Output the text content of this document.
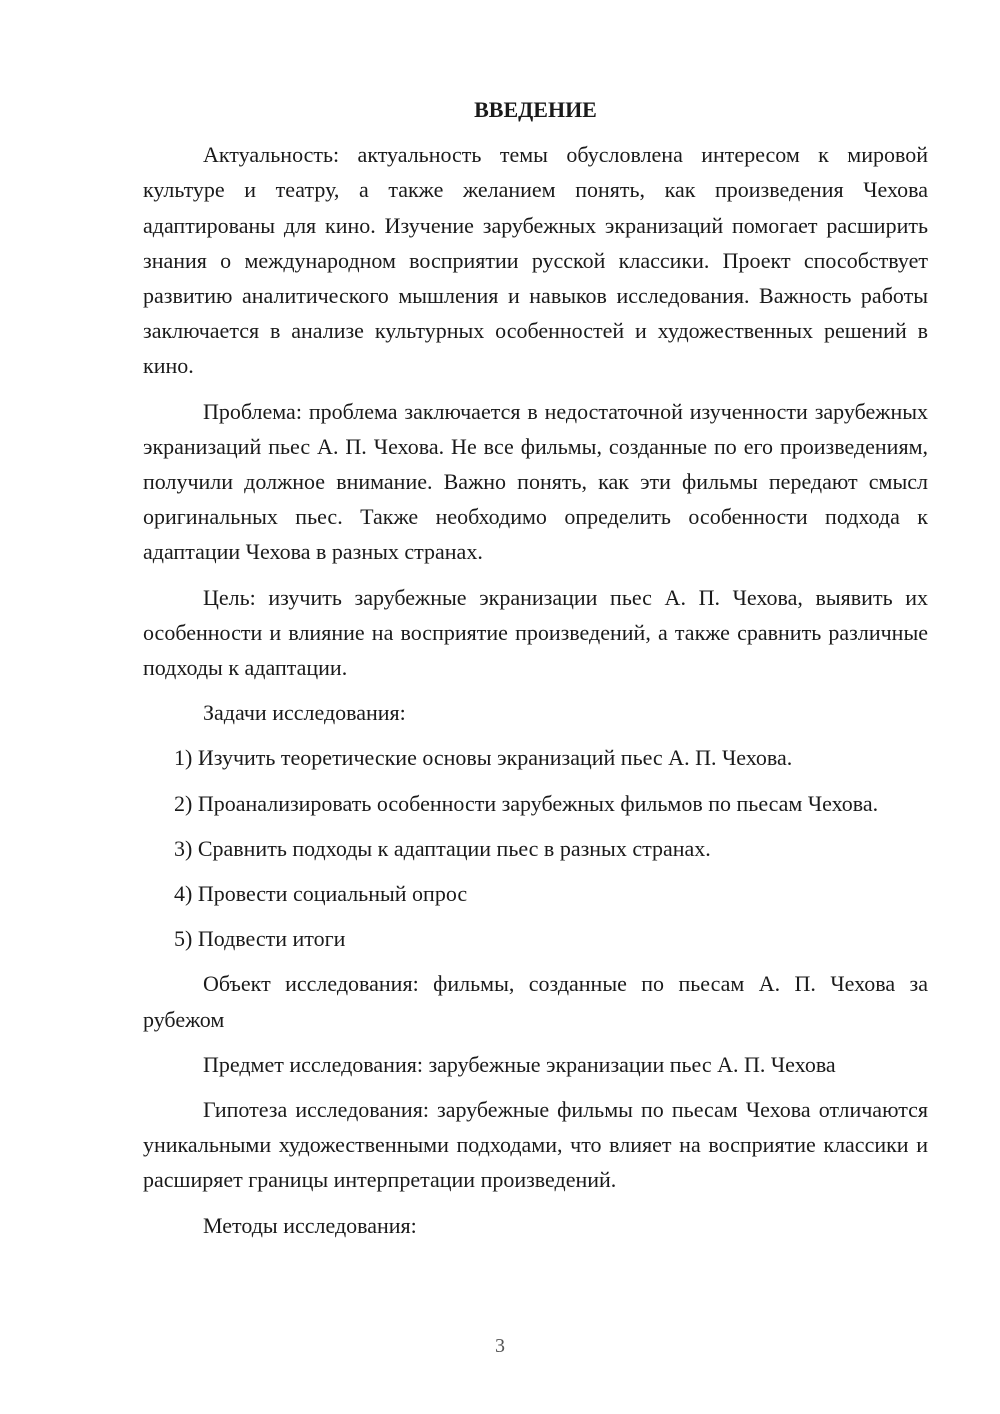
ВВЕДЕНИЕ

Актуальность: актуальность темы обусловлена интересом к мировой культуре и театру, а также желанием понять, как произведения Чехова адаптированы для кино. Изучение зарубежных экранизаций помогает расширить знания о международном восприятии русской классики. Проект способствует развитию аналитического мышления и навыков исследования. Важность работы заключается в анализе культурных особенностей и художественных решений в кино.

Проблема: проблема заключается в недостаточной изученности зарубежных экранизаций пьес А. П. Чехова. Не все фильмы, созданные по его произведениям, получили должное внимание. Важно понять, как эти фильмы передают смысл оригинальных пьес. Также необходимо определить особенности подхода к адаптации Чехова в разных странах.

Цель: изучить зарубежные экранизации пьес А. П. Чехова, выявить их особенности и влияние на восприятие произведений, а также сравнить различные подходы к адаптации.

Задачи исследования:

1) Изучить теоретические основы экранизаций пьес А. П. Чехова.

2) Проанализировать особенности зарубежных фильмов по пьесам Чехова.

3) Сравнить подходы к адаптации пьес в разных странах.

4) Провести социальный опрос

5) Подвести итоги

Объект исследования: фильмы, созданные по пьесам А. П. Чехова за рубежом

Предмет исследования: зарубежные экранизации пьес А. П. Чехова

Гипотеза исследования: зарубежные фильмы по пьесам Чехова отличаются уникальными художественными подходами, что влияет на восприятие классики и расширяет границы интерпретации произведений.

Методы исследования:

3
